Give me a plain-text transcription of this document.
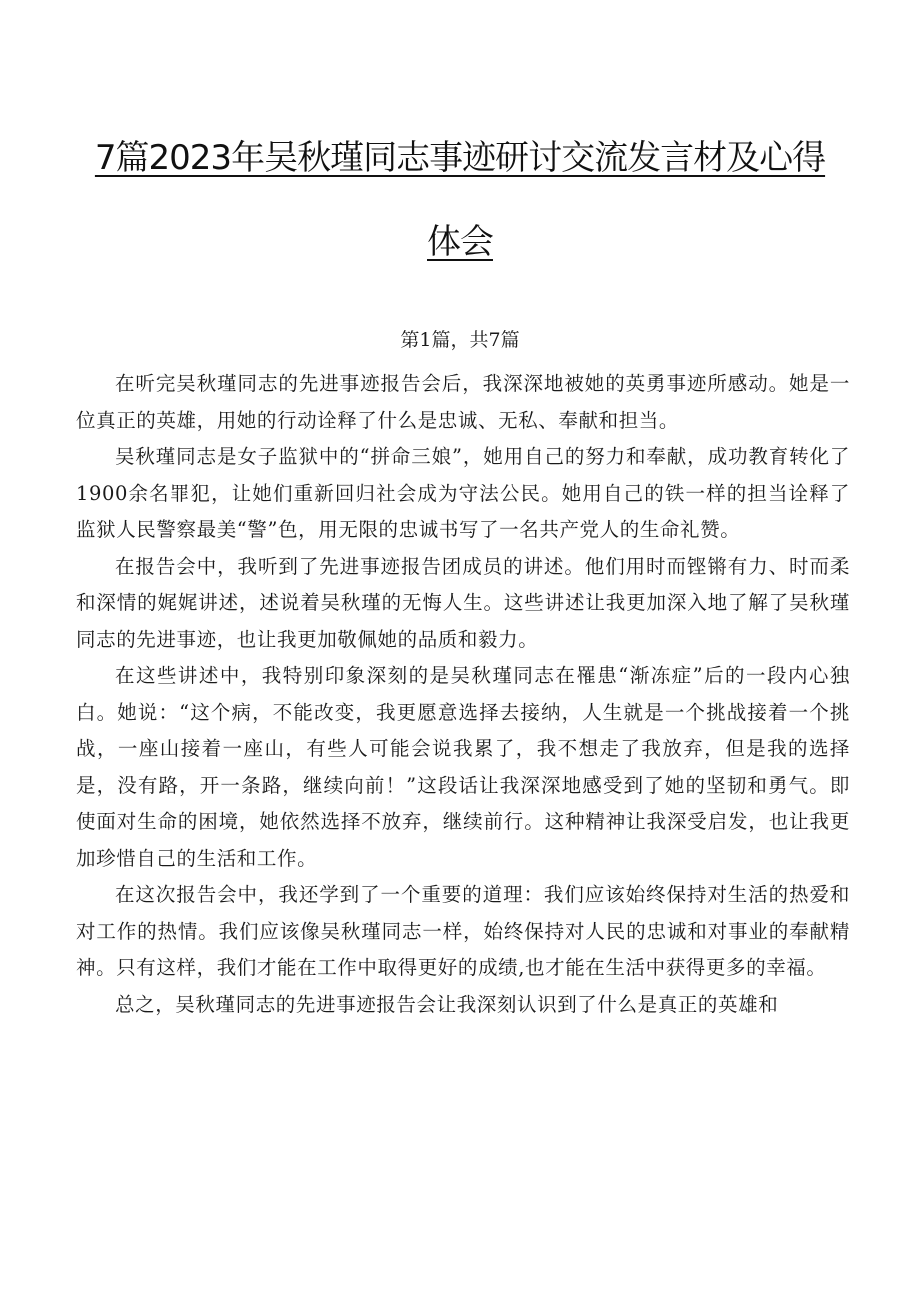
7篇2023年吴秋瑾同志事迹研讨交流发言材及心得
体会
第1篇，共7篇

在听完吴秋瑾同志的先进事迹报告会后，我深深地被她的英勇事迹所感动。她是一位真正的英雄，用她的行动诠释了什么是忠诚、无私、奉献和担当。

吴秋瑾同志是女子监狱中的“拼命三娘”，她用自己的努力和奉献，成功教育转化了1900余名罪犯，让她们重新回归社会成为守法公民。她用自己的铁一样的担当诠释了监狱人民警察最美“警”色，用无限的忠诚书写了一名共产党人的生命礼赞。

在报告会中，我听到了先进事迹报告团成员的讲述。他们用时而铿锵有力、时而柔和深情的娓娓讲述，述说着吴秋瑾的无悔人生。这些讲述让我更加深入地了解了吴秋瑾同志的先进事迹，也让我更加敬佩她的品质和毅力。

在这些讲述中，我特别印象深刻的是吴秋瑾同志在罹患“渐冻症”后的一段内心独白。她说：“这个病，不能改变，我更愿意选择去接纳，人生就是一个挑战接着一个挑战，一座山接着一座山，有些人可能会说我累了，我不想走了我放弃，但是我的选择是，没有路，开一条路，继续向前！”这段话让我深深地感受到了她的坚韧和勇气。即使面对生命的困境，她依然选择不放弃，继续前行。这种精神让我深受启发，也让我更加珍惜自己的生活和工作。

在这次报告会中，我还学到了一个重要的道理：我们应该始终保持对生活的热爱和对工作的热情。我们应该像吴秋瑾同志一样，始终保持对人民的忠诚和对事业的奉献精神。只有这样，我们才能在工作中取得更好的成绩,也才能在生活中获得更多的幸福。

总之，吴秋瑾同志的先进事迹报告会让我深刻认识到了什么是真正的英雄和
